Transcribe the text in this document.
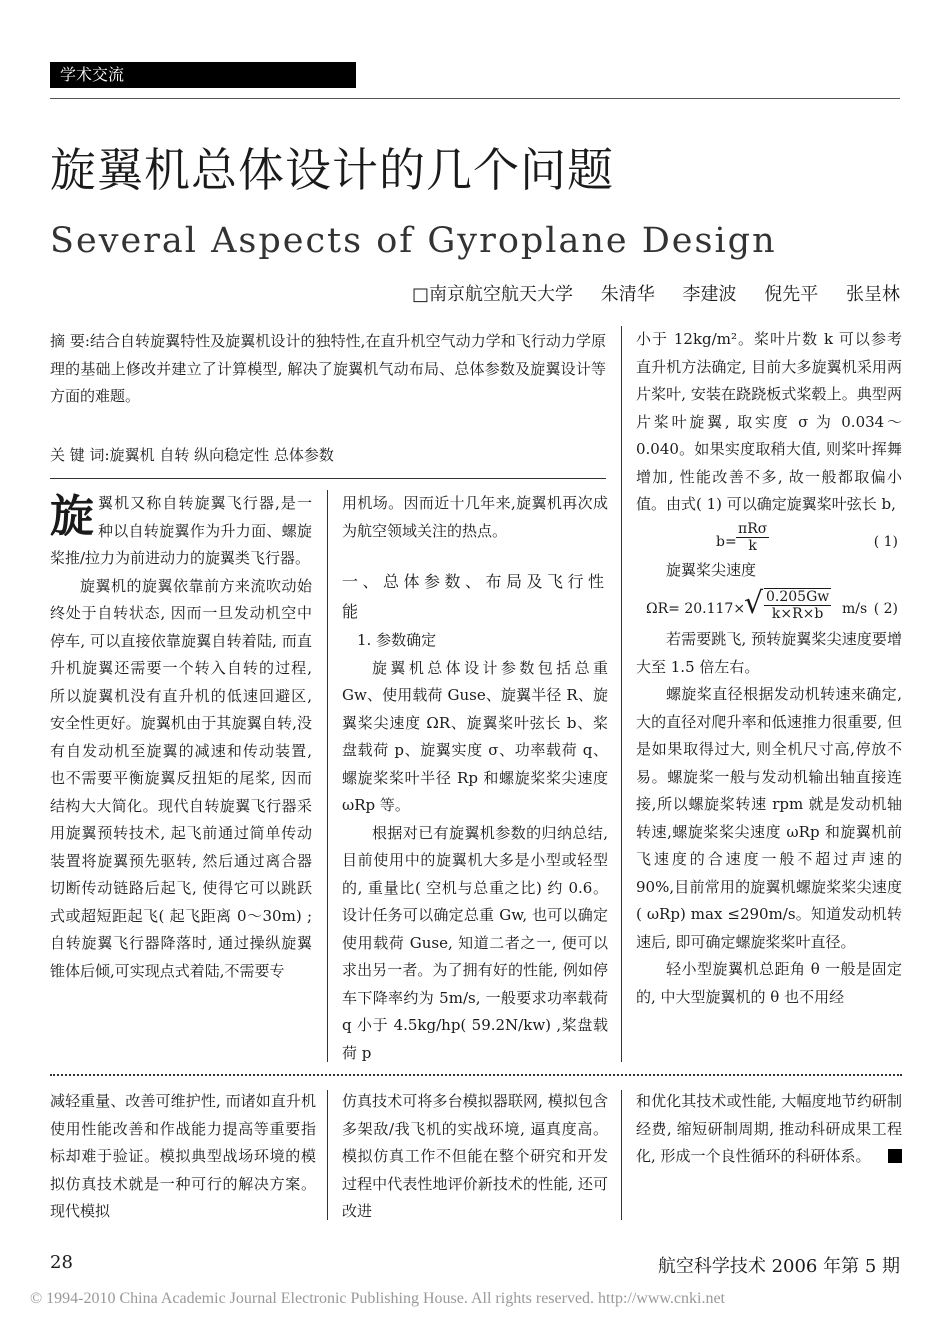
学术交流
旋翼机总体设计的几个问题
Several Aspects of Gyroplane Design
□南京航空航天大学 朱清华 李建波 倪先平 张呈林
摘 要:结合自转旋翼特性及旋翼机设计的独特性,在直升机空气动力学和飞行动力学原理的基础上修改并建立了计算模型, 解决了旋翼机气动布局、总体参数及旋翼设计等方面的难题。
关 键 词:旋翼机 自转 纵向稳定性 总体参数

旋 翼机又称自转旋翼飞行器,是一种以自转旋翼作为升力面、螺旋桨推/拉力为前进动力的旋翼类飞行器。

旋翼机的旋翼依靠前方来流吹动始终处于自转状态, 因而一旦发动机空中停车, 可以直接依靠旋翼自转着陆, 而直升机旋翼还需要一个转入自转的过程, 所以旋翼机没有直升机的低速回避区, 安全性更好。旋翼机由于其旋翼自转,没有自发动机至旋翼的减速和传动装置, 也不需要平衡旋翼反扭矩的尾桨, 因而结构大大简化。现代自转旋翼飞行器采用旋翼预转技术, 起飞前通过简单传动装置将旋翼预先驱转, 然后通过离合器切断传动链路后起飞, 使得它可以跳跃式或超短距起飞( 起飞距离 0～30m) ;自转旋翼飞行器降落时, 通过操纵旋翼锥体后倾,可实现点式着陆,不需要专

用机场。因而近十几年来,旋翼机再次成为航空领域关注的热点。

一、总体参数、布局及飞行性能
1. 参数确定

旋翼机总体设计参数包括总重 Gw、使用载荷 Guse、旋翼半径 R、旋翼桨尖速度 ΩR、旋翼桨叶弦长 b、桨盘载荷 p、旋翼实度 σ、功率载荷 q、螺旋桨桨叶半径 Rp 和螺旋桨桨尖速度 ωRp 等。

根据对已有旋翼机参数的归纳总结, 目前使用中的旋翼机大多是小型或轻型的, 重量比( 空机与总重之比) 约 0.6。设计任务可以确定总重 Gw, 也可以确定使用载荷 Guse, 知道二者之一, 便可以求出另一者。为了拥有好的性能, 例如停车下降率约为 5m/s, 一般要求功率载荷 q 小于 4.5kg/hp( 59.2N/kw) ,桨盘载荷 p

小于 12kg/m²。桨叶片数 k 可以参考直升机方法确定, 目前大多旋翼机采用两片桨叶, 安装在跷跷板式桨毂上。典型两片桨叶旋翼, 取实度 σ 为 0.034～0.040。如果实度取稍大值, 则桨叶挥舞增加, 性能改善不多, 故一般都取偏小值。由式( 1) 可以确定旋翼桨叶弦长 b,

b=
πRσ
k	( 1)

旋翼桨尖速度

ΩR= 20.117×
√ $\frac{0.205Gw}{k\times R\times b} m/s$ ( 2)

若需要跳飞, 预转旋翼桨尖速度要增大至 1.5 倍左右。

螺旋桨直径根据发动机转速来确定,大的直径对爬升率和低速推力很重要, 但是如果取得过大, 则全机尺寸高,停放不易。螺旋桨一般与发动机输出轴直接连接,所以螺旋桨转速 rpm 就是发动机轴转速,螺旋桨桨尖速度 ωRp 和旋翼机前飞速度的合速度一般不超过声速的 90%,目前常用的旋翼机螺旋桨桨尖速度( ωRp) max ≤290m/s。知道发动机转速后, 即可确定螺旋桨桨叶直径。

轻小型旋翼机总距角 θ 一般是固定的, 中大型旋翼机的 θ 也不用经

减轻重量、改善可维护性, 而诸如直升机使用性能改善和作战能力提高等重要指标却难于验证。模拟典型战场环境的模拟仿真技术就是一种可行的解决方案。现代模拟
仿真技术可将多台模拟器联网, 模拟包含多架敌/我飞机的实战环境, 逼真度高。模拟仿真工作不但能在整个研究和开发过程中代表性地评价新技术的性能, 还可改进
和优化其技术或性能, 大幅度地节约研制经费, 缩短研制周期, 推动科研成果工程化, 形成一个良性循环的科研体系。
28	航空科学技术 2006 年第 5 期
© 1994-2010 China Academic Journal Electronic Publishing House. All rights reserved. http://www.cnki.net
